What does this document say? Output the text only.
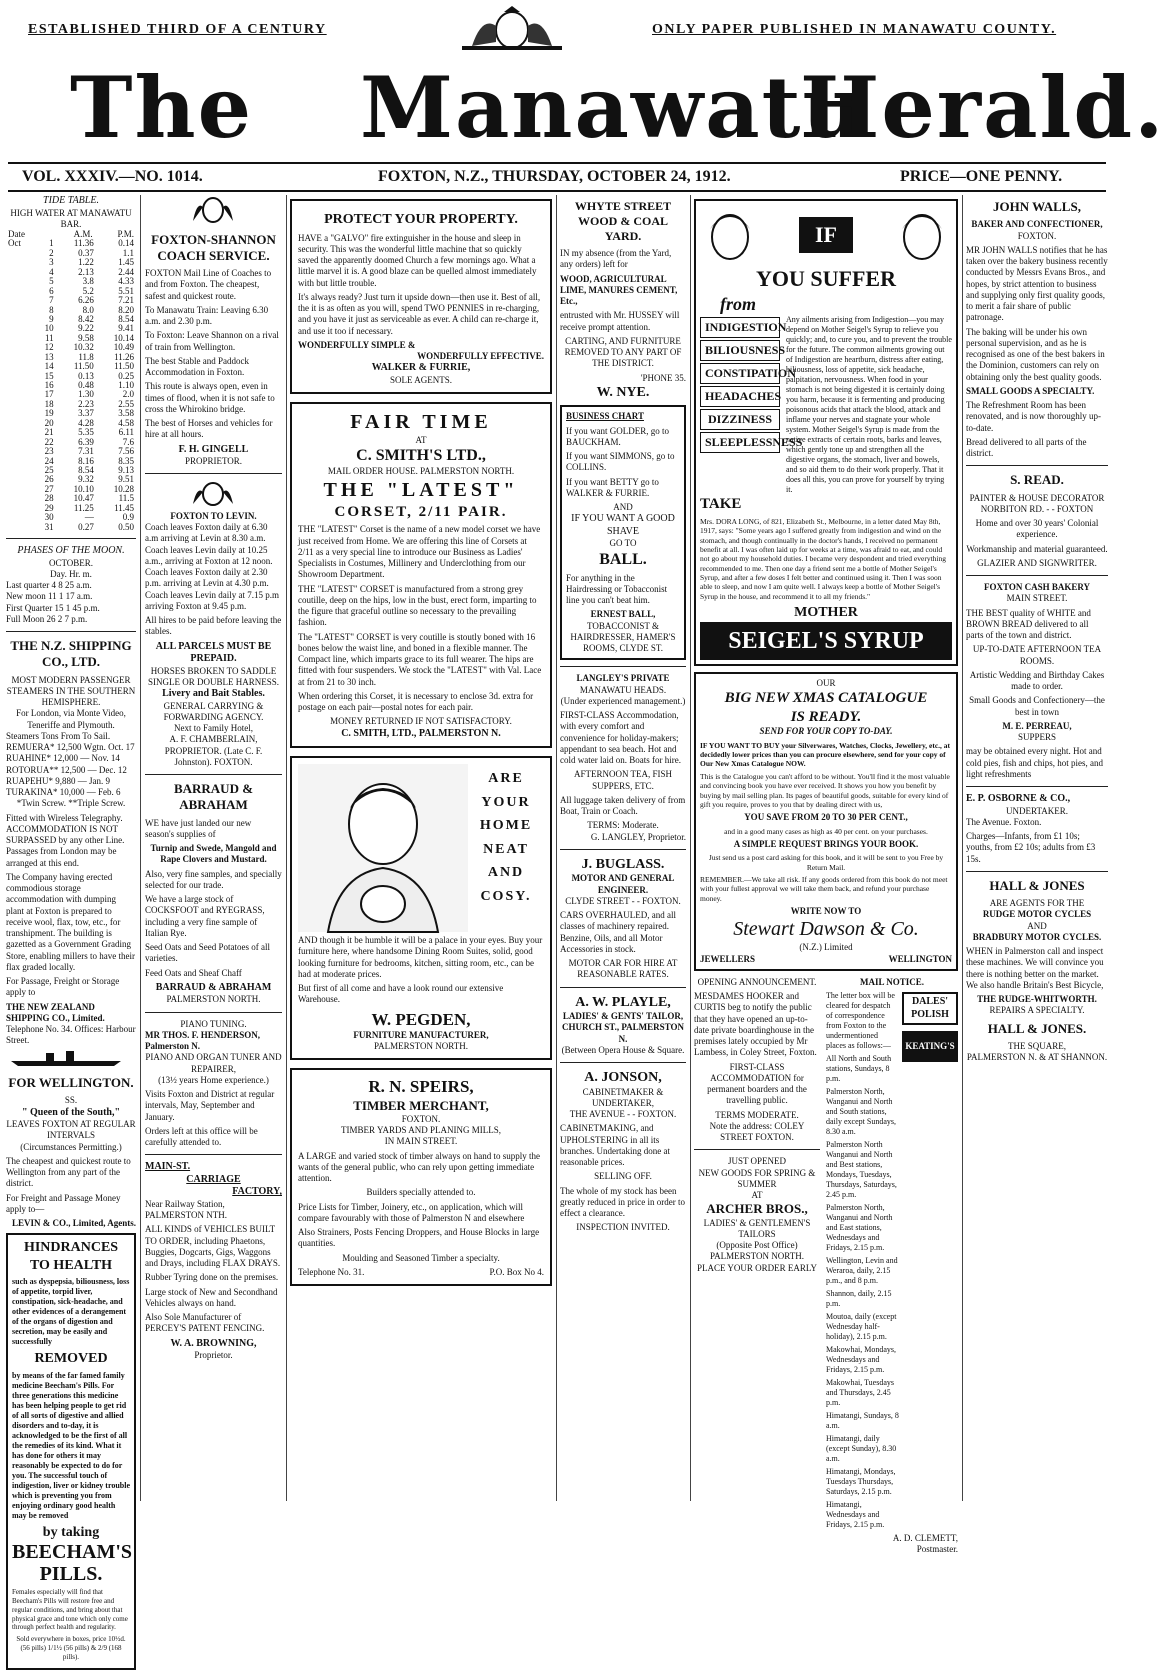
ESTABLISHED THIRD OF A CENTURY	ONLY PAPER PUBLISHED IN MANAWATU COUNTY.
The Manawatu
Herald.
VOL. XXXIV.—NO. 1014.	FOXTON, N.Z., THURSDAY, OCTOBER 24, 1912.	PRICE—ONE PENNY.
TIDE TABLE.
HIGH WATER AT MANAWATU BAR.
Date	A.M.	P.M.
Oct	1	11.36	0.14
	2	0.37	1.1
	3	1.22	1.45
	4	2.13	2.44
	5	3.8	4.33
	6	5.2	5.51
	7	6.26	7.21
	8	8.0	8.20
	9	8.42	8.54
	10	9.22	9.41
	11	9.58	10.14
	12	10.32	10.49
	13	11.8	11.26
	14	11.50	11.50
	15	0.13	0.25
	16	0.48	1.10
	17	1.30	2.0
	18	2.23	2.55
	19	3.37	3.58
	20	4.28	4.58
	21	5.35	6.11
	22	6.39	7.6
	23	7.31	7.56
	24	8.16	8.35
	25	8.54	9.13
	26	9.32	9.51
	27	10.10	10.28
	28	10.47	11.5
	29	11.25	11.45
	30	—	0.9
	31	0.27	0.50
PHASES OF THE MOON.
OCTOBER.
Day. Hr. m.
Last quarter 4 8 25 a.m.
New moon 11 1 17 a.m.
First Quarter 15 1 45 p.m.
Full Moon 26 2 7 p.m.
THE N.Z. SHIPPING CO., LTD.
MOST MODERN PASSENGER STEAMERS IN THE SOUTHERN HEMISPHERE.
For London, via Monte Video, Teneriffe and Plymouth.
Steamers Tons From To Sail.
REMUERA* 12,500 Wgtn. Oct. 17
RUAHINE* 12,000 — Nov. 14
ROTORUA** 12,500 — Dec. 12
RUAPEHU* 9,880 — Jan. 9
TURAKINA* 10,000 — Feb. 6
*Twin Screw. **Triple Screw.

Fitted with Wireless Telegraphy. ACCOMMODATION IS NOT SURPASSED by any other Line. Passages from London may be arranged at this end.

The Company having erected commodious storage accommodation with dumping plant at Foxton is prepared to receive wool, flax, tow, etc., for transhipment. The building is gazetted as a Government Grading Store, enabling millers to have their flax graded locally.

For Passage, Freight or Storage apply to

THE NEW ZEALAND SHIPPING CO., Limited.
Telephone No. 34. Offices: Harbour Street.
FOR WELLINGTON.
SS.
" Queen of the South,"
LEAVES FOXTON AT REGULAR INTERVALS
(Circumstances Permitting.)

The cheapest and quickest route to Wellington from any part of the district.

For Freight and Passage Money apply to—

LEVIN & CO., Limited, Agents.
HINDRANCES
TO HEALTH

such as dyspepsia, biliousness, loss of appetite, torpid liver, constipation, sick-headache, and other evidences of a derangement of the organs of digestion and secretion, may be easily and successfully

REMOVED

by means of the far famed family medicine Beecham's Pills. For three generations this medicine has been helping people to get rid of all sorts of digestive and allied disorders and to-day, it is acknowledged to be the first of all the remedies of its kind. What it has done for others it may reasonably be expected to do for you. The successful touch of indigestion, liver or kidney trouble which is preventing you from enjoying ordinary good health may be removed

by taking
BEECHAM'S PILLS.

Females especially will find that Beecham's Pills will restore free and regular conditions, and bring about that physical grace and tone which only come through perfect health and regularity.

Sold everywhere in boxes, price 10½d. (56 pills) 1/1½ (56 pills) & 2/9 (168 pills).

FOXTON-SHANNON COACH SERVICE.

FOXTON Mail Line of Coaches to and from Foxton. The cheapest, safest and quickest route.

To Manawatu Train: Leaving 6.30 a.m. and 2.30 p.m.

To Foxton: Leave Shannon on a rival of train from Wellington.

The best Stable and Paddock Accommodation in Foxton.

This route is always open, even in times of flood, when it is not safe to cross the Whirokino bridge.

The best of Horses and vehicles for hire at all hours.

F. H. GINGELL
PROPRIETOR.
FOXTON TO LEVIN.
Coach leaves Foxton daily at 6.30 a.m arriving at Levin at 8.30 a.m.
Coach leaves Levin daily at 10.25 a.m., arriving at Foxton at 12 noon.
Coach leaves Foxton daily at 2.30 p.m. arriving at Levin at 4.30 p.m.
Coach leaves Levin daily at 7.15 p.m arriving Foxton at 9.45 p.m.

All hires to be paid before leaving the stables.

ALL PARCELS MUST BE PREPAID.
HORSES BROKEN TO SADDLE SINGLE OR DOUBLE HARNESS.
Livery and Bait Stables.
GENERAL CARRYING & FORWARDING AGENCY.
Next to Family Hotel,
A. F. CHAMBERLAIN, PROPRIETOR. (Late C. F. Johnston). FOXTON.
BARRAUD & ABRAHAM

WE have just landed our new season's supplies of

Turnip and Swede, Mangold and Rape Clovers and Mustard.

Also, very fine samples, and specially selected for our trade.

We have a large stock of COCKSFOOT and RYEGRASS, including a very fine sample of Italian Rye.

Seed Oats and Seed Potatoes of all varieties.

Feed Oats and Sheaf Chaff

BARRAUD & ABRAHAM
PALMERSTON NORTH.
PIANO TUNING.
MR THOS. F. HENDERSON, Palmerston N.
PIANO AND ORGAN TUNER AND REPAIRER,
(13½ years Home experience.)

Visits Foxton and District at regular intervals, May, September and January.

Orders left at this office will be carefully attended to.

MAIN-ST.
CARRIAGE
FACTORY,
Near Railway Station, PALMERSTON NTH.

ALL KINDS of VEHICLES BUILT TO ORDER, including Phaetons, Buggies, Dogcarts, Gigs, Waggons and Drays, including FLAX DRAYS.

Rubber Tyring done on the premises.

Large stock of New and Secondhand Vehicles always on hand.

Also Sole Manufacturer of PERCEY'S PATENT FENCING.

W. A. BROWNING,
Proprietor.
PROTECT YOUR PROPERTY.

HAVE a "GALVO" fire extinguisher in the house and sleep in security. This was the wonderful little machine that so quickly saved the apparently doomed Church a few mornings ago. What a little marvel it is. A good blaze can be quelled almost immediately with but little trouble.

It's always ready? Just turn it upside down—then use it. Best of all, the it is as often as you will, spend TWO PENNIES in re-charging, and you have it just as serviceable as ever. A child can re-charge it, and use it too if necessary.

WONDERFULLY SIMPLE &
WONDERFULLY EFFECTIVE.
WALKER & FURRIE,
SOLE AGENTS.
FAIR TIME
AT
C. SMITH'S LTD.,
MAIL ORDER HOUSE. PALMERSTON NORTH.
THE "LATEST"
CORSET, 2/11 PAIR.

THE "LATEST" Corset is the name of a new model corset we have just received from Home. We are offering this line of Corsets at 2/11 as a very special line to introduce our Business as Ladies' Specialists in Costumes, Millinery and Underclothing from our Showroom Department.

THE "LATEST" CORSET is manufactured from a strong grey coutille, deep on the hips, low in the bust, erect form, imparting to the figure that graceful outline so necessary to the prevailing fashion.

The "LATEST" CORSET is very coutille is stoutly boned with 16 bones below the waist line, and boned in a flexible manner. The Compact line, which imparts grace to its full wearer. The hips are fitted with four suspenders. We stock the "LATEST" with Val. Lace at from 21 to 30 inch.

When ordering this Corset, it is necessary to enclose 3d. extra for postage on each pair—postal notes for each pair.

MONEY RETURNED IF NOT SATISFACTORY.
C. SMITH, LTD., PALMERSTON N.
ARE
YOUR
HOME
NEAT
AND
COSY.

AND though it be humble it will be a palace in your eyes. Buy your furniture here, where handsome Dining Room Suites, solid, good looking furniture for bedrooms, kitchen, sitting room, etc., can be had at moderate prices.

But first of all come and have a look round our extensive Warehouse.

W. PEGDEN,
FURNITURE MANUFACTURER,
PALMERSTON NORTH.
R. N. SPEIRS,
TIMBER MERCHANT,
FOXTON.
TIMBER YARDS AND PLANING MILLS,
IN MAIN STREET.

A LARGE and varied stock of timber always on hand to supply the wants of the general public, who can rely upon getting immediate attention.

Builders specially attended to.

Price Lists for Timber, Joinery, etc., on application, which will compare favourably with those of Palmerston N and elsewhere

Also Strainers, Posts Fencing Droppers, and House Blocks in large quantities.

Moulding and Seasoned Timber a specialty.

Telephone No. 31.	P.O. Box No 4.
WHYTE STREET WOOD & COAL YARD.

IN my absence (from the Yard, any orders) left for

WOOD, AGRICULTURAL LIME, MANURES CEMENT, Etc.,

entrusted with Mr. HUSSEY will receive prompt attention.

CARTING, AND FURNITURE REMOVED TO ANY PART OF THE DISTRICT.

'PHONE 35.
W. NYE.
BUSINESS CHART

If you want GOLDER, go to BAUCKHAM.

If you want SIMMONS, go to COLLINS.

If you want BETTY go to WALKER & FURRIE.

AND
IF YOU WANT A GOOD SHAVE
GO TO
BALL.

For anything in the Hairdressing or Tobacconist line you can't beat him.

ERNEST BALL,
TOBACCONIST & HAIRDRESSER, HAMER'S ROOMS, CLYDE ST.
LANGLEY'S PRIVATE
MANAWATU HEADS.
(Under experienced management.)

FIRST-CLASS Accommodation, with every comfort and convenience for holiday-makers; appendant to sea beach. Hot and cold water laid on. Boats for hire.

AFTERNOON TEA, FISH SUPPERS, ETC.

All luggage taken delivery of from Boat, Train or Coach.

TERMS: Moderate.
G. LANGLEY, Proprietor.
J. BUGLASS.
MOTOR AND GENERAL ENGINEER.
CLYDE STREET - - FOXTON.

CARS OVERHAULED, and all classes of machinery repaired. Benzine, Oils, and all Motor Accessories in stock.

MOTOR CAR FOR HIRE AT REASONABLE RATES.
A. W. PLAYLE,
LADIES' & GENTS' TAILOR,
CHURCH ST., PALMERSTON N.
(Between Opera House & Square.
A. JONSON,
CABINETMAKER & UNDERTAKER,
THE AVENUE - - FOXTON.

CABINETMAKING, and UPHOLSTERING in all its branches. Undertaking done at reasonable prices.

SELLING OFF.

The whole of my stock has been greatly reduced in price in order to effect a clearance.

INSPECTION INVITED.
IF
YOU SUFFER
from
INDIGESTION
BILIOUSNESS
CONSTIPATION
HEADACHES
DIZZINESS
SLEEPLESSNESS

Any ailments arising from Indigestion—you may depend on Mother Seigel's Syrup to relieve you quickly; and, to cure you, and to prevent the trouble for the future. The common ailments growing out of Indigestion are heartburn, distress after eating, biliousness, loss of appetite, sick headache, palpitation, nervousness. When food in your stomach is not being digested it is certainly doing you harm, because it is fermenting and producing poisonous acids that attack the blood, attack and inflame your nerves and stagnate your whole system. Mother Seigel's Syrup is made from the native extracts of certain roots, barks and leaves, which gently tone up and strengthen all the digestive organs, the stomach, liver and bowels, and so aid them to do their work properly. That it does all this, you can prove for yourself by trying it.

TAKE

Mrs. DORA LONG, of 821, Elizabeth St., Melbourne, in a letter dated May 8th, 1917, says: "Some years ago I suffered greatly from indigestion and wind on the stomach, and though continually in the doctor's hands, I received no permanent benefit at all. I was often laid up for weeks at a time, was afraid to eat, and could not go about my household duties. I became very despondent and tried everything recommended to me. Then one day a friend sent me a bottle of Mother Seigel's Syrup, and after a few doses I felt better and continued using it. Then I was soon able to sleep, and now I am quite well. I always keep a bottle of Mother Seigel's Syrup in the house, and recommend it to all my friends."

MOTHER
SEIGEL'S SYRUP
OUR
BIG NEW XMAS CATALOGUE
IS READY.
SEND FOR YOUR COPY TO-DAY.

IF YOU WANT TO BUY your Silverwares, Watches, Clocks, Jewellery, etc., at decidedly lower prices than you can procure elsewhere, send for your copy of Our New Xmas Catalogue NOW.

This is the Catalogue you can't afford to be without. You'll find it the most valuable and convincing book you have ever received. It shows you how you benefit by buying by mail selling plan. Its pages of beautiful goods, suitable for every kind of gift you require, proves to you that by dealing direct with us,

YOU SAVE FROM 20 TO 30 PER CENT.,

and in a good many cases as high as 40 per cent. on your purchases.

A SIMPLE REQUEST BRINGS YOUR BOOK.

Just send us a post card asking for this book, and it will be sent to you Free by Return Mail.

REMEMBER.—We take all risk. If any goods ordered from this book do not meet with your fullest approval we will take them back, and refund your purchase money.

WRITE NOW TO
Stewart Dawson & Co.
(N.Z.) Limited
JEWELLERS	WELLINGTON
OPENING ANNOUNCEMENT.

MESDAMES HOOKER and CURTIS beg to notify the public that they have opened an up-to-date private boardinghouse in the premises lately occupied by Mr Lambess, in Coley Street, Foxton.

FIRST-CLASS ACCOMMODATION for permanent boarders and the travelling public.

TERMS MODERATE.
Note the address: COLEY STREET FOXTON.
JUST OPENED
NEW GOODS FOR SPRING & SUMMER
AT
ARCHER BROS.,
LADIES' & GENTLEMEN'S TAILORS
(Opposite Post Office)
PALMERSTON NORTH.
PLACE YOUR ORDER EARLY
MAIL NOTICE.

The letter box will be cleared for despatch of correspondence from Foxton to the undermentioned places as follows:—

All North and South stations, Sundays, 8 p.m.

Palmerston North, Wanganui and North and South stations, daily except Sundays, 8.30 a.m.

Palmerston North Wanganui and North and Best stations, Mondays, Tuesdays, Thursdays, Saturdays, 2.45 p.m.

Palmerston North, Wanganui and North and East stations, Wednesdays and Fridays, 2.15 p.m.

Wellington, Levin and Weraroa, daily, 2.15 p.m., and 8 p.m.

Shannon, daily, 2.15 p.m.

Moutoa, daily (except Wednesday half-holiday), 2.15 p.m.

Makowhai, Mondays, Wednesdays and Fridays, 2.15 p.m.

Makowhai, Tuesdays and Thursdays, 2.45 p.m.

Himatangi, Sundays, 8 a.m.

Himatangi, daily (except Sunday), 8.30 a.m.

Himatangi, Mondays, Tuesdays Thursdays, Saturdays, 2.15 p.m.

Himatangi, Wednesdays and Fridays, 2.15 p.m.

DALES' POLISH
KEATING'S
A. D. CLEMETT,
Postmaster.
JOHN WALLS,
BAKER AND CONFECTIONER,
FOXTON.

MR JOHN WALLS notifies that he has taken over the bakery business recently conducted by Messrs Evans Bros., and hopes, by strict attention to business and supplying only first quality goods, to merit a fair share of public patronage.

The baking will be under his own personal supervision, and as he is recognised as one of the best bakers in the Dominion, customers can rely on obtaining only the best quality goods.

SMALL GOODS A SPECIALTY.

The Refreshment Room has been renovated, and is now thoroughly up-to-date.

Bread delivered to all parts of the district.

S. READ.
PAINTER & HOUSE DECORATOR
NORBITON RD. - - FOXTON

Home and over 30 years' Colonial experience.

Workmanship and material guaranteed.

GLAZIER AND SIGNWRITER.

FOXTON CASH BAKERY
MAIN STREET.

THE BEST quality of WHITE and BROWN BREAD delivered to all parts of the town and district.

UP-TO-DATE AFTERNOON TEA ROOMS.

Artistic Wedding and Birthday Cakes made to order.

Small Goods and Confectionery—the best in town

M. E. PERREAU,
SUPPERS

may be obtained every night. Hot and cold pies, fish and chips, hot pies, and light refreshments

E. P. OSBORNE & CO.,
UNDERTAKER.
The Avenue. Foxton.

Charges—Infants, from £1 10s; youths, from £2 10s; adults from £3 15s.

HALL & JONES
ARE AGENTS FOR THE
RUDGE MOTOR CYCLES
AND
BRADBURY MOTOR CYCLES.

WHEN in Palmerston call and inspect these machines. We will convince you there is nothing better on the market. We also handle Britain's Best Bicycle,

THE RUDGE-WHITWORTH.
REPAIRS A SPECIALTY.
HALL & JONES.
THE SQUARE,
PALMERSTON N. & AT SHANNON.
